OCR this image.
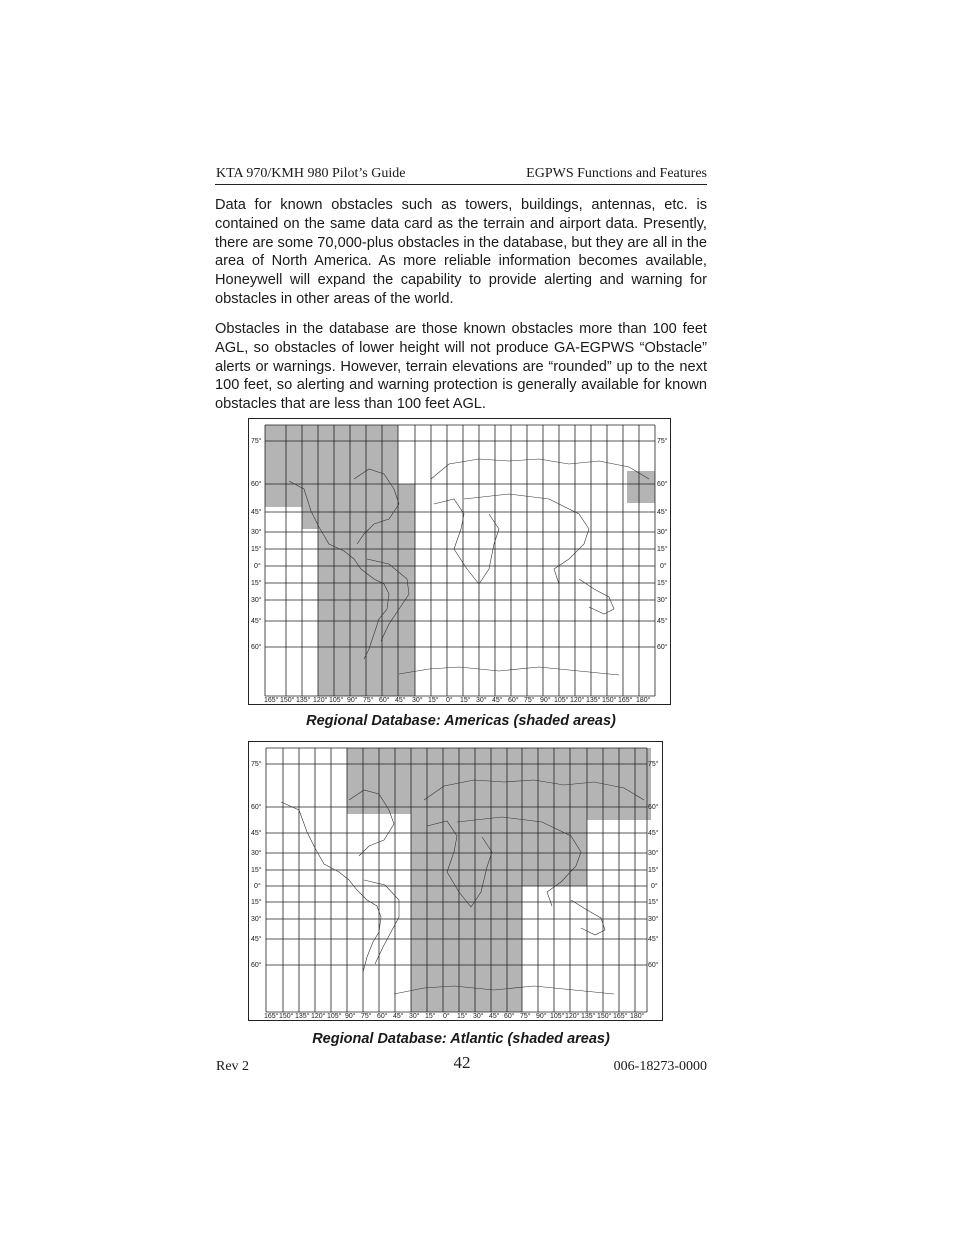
KTA 970/KMH 980 Pilot’s Guide	EGPWS Functions and Features

Data for known obstacles such as towers, buildings, antennas, etc. is contained on the same data card as the terrain and airport data. Presently, there are some 70,000-plus obstacles in the database, but they are all in the area of North America. As more reliable information becomes available, Honeywell will expand the capability to provide alerting and warning for obstacles in other areas of the world.

Obstacles in the database are those known obstacles more than 100 feet AGL, so obstacles of lower height will not produce GA-EGPWS “Obstacle” alerts or warnings. However, terrain elevations are “rounded” up to the next 100 feet, so alerting and warning protection is generally available for known obstacles that are less than 100 feet AGL.

75°
60°
45°
30°
15°
0°
15°
30°
45°
60°
75°
60°
45°
30°
15°
0°
15°
30°
45°
60°
165° 150° 135° 120° 105° 90° 75° 60° 45° 30° 15° 0° 15° 30° 45° 60° 75° 90° 105° 120° 135° 150° 165° 180°
Regional Database: Americas (shaded areas)
75°
60°
45°
30°
15°
0°
15°
30°
45°
60°
75°
60°
45°
30°
15°
0°
15°
30°
45°
60°
165° 150° 135° 120° 105° 90° 75° 60° 45° 30° 15° 0° 15° 30° 45° 60° 75° 90° 105° 120° 135° 150° 165° 180°
Regional Database: Atlantic (shaded areas)
Rev 2	42	006-18273-0000
